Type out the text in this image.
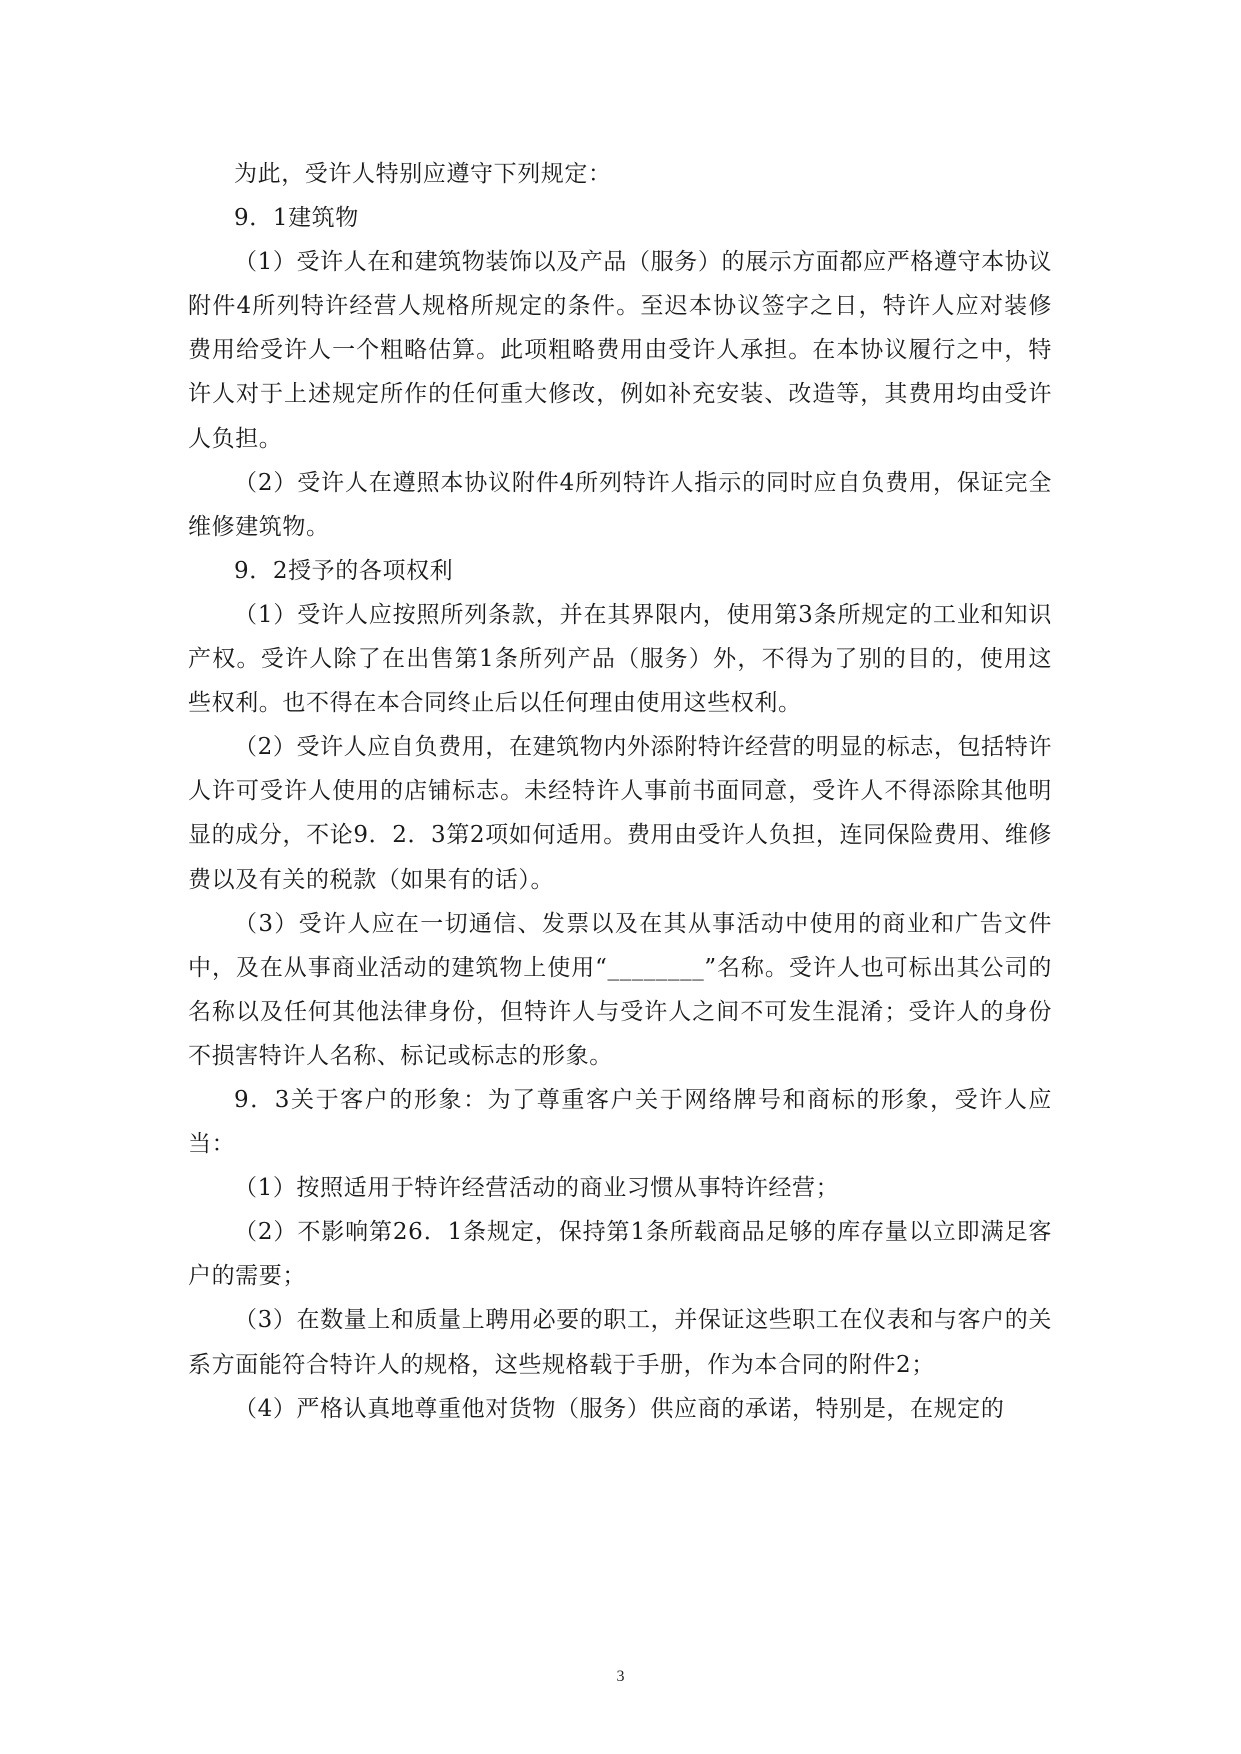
为此，受许人特别应遵守下列规定：

9．1建筑物

（1）受许人在和建筑物装饰以及产品（服务）的展示方面都应严格遵守本协议附件4所列特许经营人规格所规定的条件。至迟本协议签字之日，特许人应对装修费用给受许人一个粗略估算。此项粗略费用由受许人承担。在本协议履行之中，特许人对于上述规定所作的任何重大修改，例如补充安装、改造等，其费用均由受许人负担。

（2）受许人在遵照本协议附件4所列特许人指示的同时应自负费用，保证完全维修建筑物。

9．2授予的各项权利

（1）受许人应按照所列条款，并在其界限内，使用第3条所规定的工业和知识产权。受许人除了在出售第1条所列产品（服务）外，不得为了别的目的，使用这些权利。也不得在本合同终止后以任何理由使用这些权利。

（2）受许人应自负费用，在建筑物内外添附特许经营的明显的标志，包括特许人许可受许人使用的店铺标志。未经特许人事前书面同意，受许人不得添除其他明显的成分，不论9．2．3第2项如何适用。费用由受许人负担，连同保险费用、维修费以及有关的税款（如果有的话）。

（3）受许人应在一切通信、发票以及在其从事活动中使用的商业和广告文件中，及在从事商业活动的建筑物上使用“________”名称。受许人也可标出其公司的名称以及任何其他法律身份，但特许人与受许人之间不可发生混淆；受许人的身份不损害特许人名称、标记或标志的形象。

9．3关于客户的形象：为了尊重客户关于网络牌号和商标的形象，受许人应当：

（1）按照适用于特许经营活动的商业习惯从事特许经营；

（2）不影响第26．1条规定，保持第1条所载商品足够的库存量以立即满足客户的需要；

（3）在数量上和质量上聘用必要的职工，并保证这些职工在仪表和与客户的关系方面能符合特许人的规格，这些规格载于手册，作为本合同的附件2；

（4）严格认真地尊重他对货物（服务）供应商的承诺，特别是，在规定的

3
